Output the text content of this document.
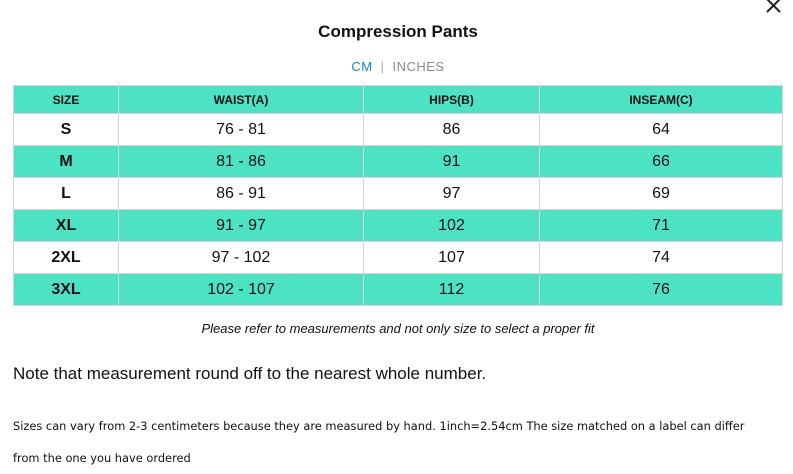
Compression Pants
CM | INCHES
SIZE	WAIST(A)	HIPS(B)	INSEAM(C)
S	76 - 81	86	64
M	81 - 86	91	66
L	86 - 91	97	69
XL	91 - 97	102	71
2XL	97 - 102	107	74
3XL	102 - 107	112	76
Please refer to measurements and not only size to select a proper fit
Note that measurement round off to the nearest whole number.
Sizes can vary from 2-3 centimeters because they are measured by hand. 1inch=2.54cm The size matched on a label can differ from the one you have ordered
